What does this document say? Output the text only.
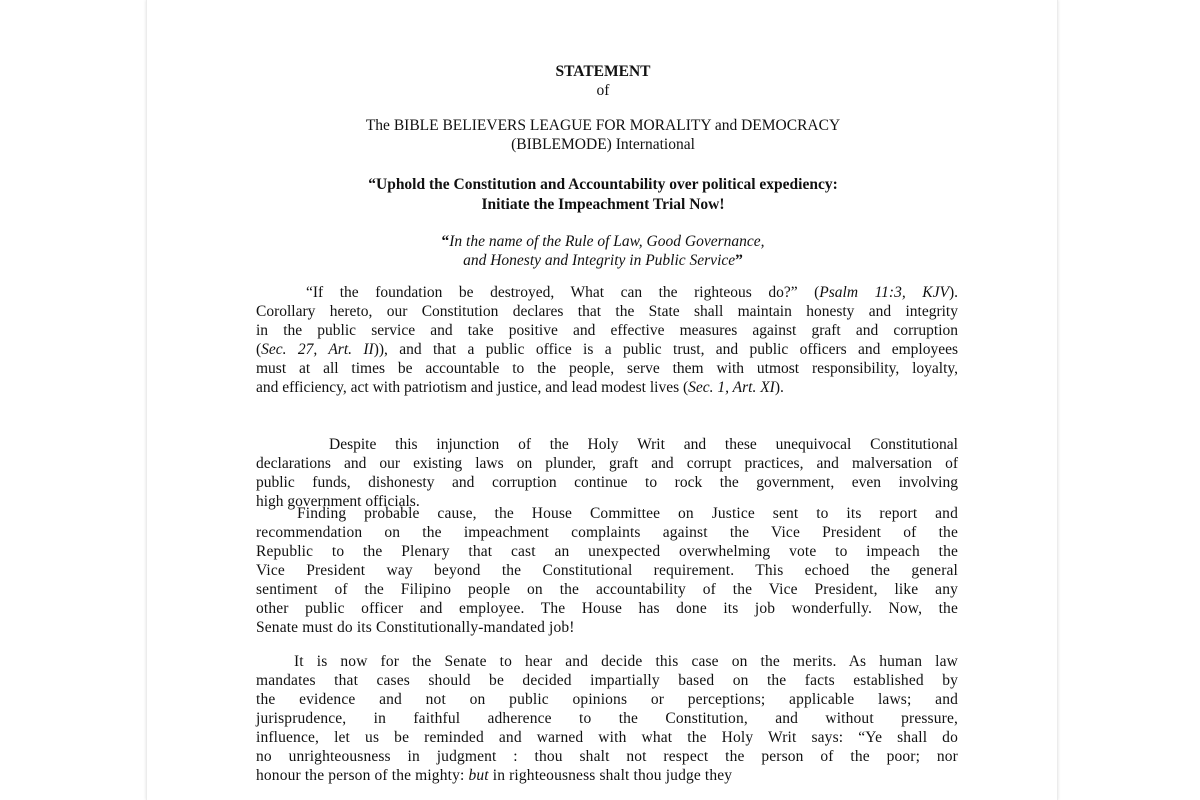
STATEMENT
of
The BIBLE BELIEVERS LEAGUE FOR MORALITY and DEMOCRACY
(BIBLEMODE) International
“Uphold the Constitution and Accountability over political expediency:
Initiate the Impeachment Trial Now!
“In the name of the Rule of Law, Good Governance,
and Honesty and Integrity in Public Service”
“If the foundation be destroyed, What can the righteous do?” (Psalm 11:3, KJV).
Corollary hereto, our Constitution declares that the State shall maintain honesty and integrity
in the public service and take positive and effective measures against graft and corruption
(Sec. 27, Art. II)), and that a public office is a public trust, and public officers and employees
must at all times be accountable to the people, serve them with utmost responsibility, loyalty,
and efficiency, act with patriotism and justice, and lead modest lives (Sec. 1, Art. XI).
Despite this injunction of the Holy Writ and these unequivocal Constitutional
declarations and our existing laws on plunder, graft and corrupt practices, and malversation of
public funds, dishonesty and corruption continue to rock the government, even involving
high government officials.
Finding probable cause, the House Committee on Justice sent to its report and
recommendation on the impeachment complaints against the Vice President of the
Republic to the Plenary that cast an unexpected overwhelming vote to impeach the
Vice President way beyond the Constitutional requirement. This echoed the general
sentiment of the Filipino people on the accountability of the Vice President, like any
other public officer and employee. The House has done its job wonderfully. Now, the
Senate must do its Constitutionally-mandated job!
It is now for the Senate to hear and decide this case on the merits. As human law
mandates that cases should be decided impartially based on the facts established by
the evidence and not on public opinions or perceptions; applicable laws; and
jurisprudence, in faithful adherence to the Constitution, and without pressure,
influence, let us be reminded and warned with what the Holy Writ says: “Ye shall do
no unrighteousness in judgment : thou shalt not respect the person of the poor; nor
honour the person of the mighty: but in righteousness shalt thou judge they
